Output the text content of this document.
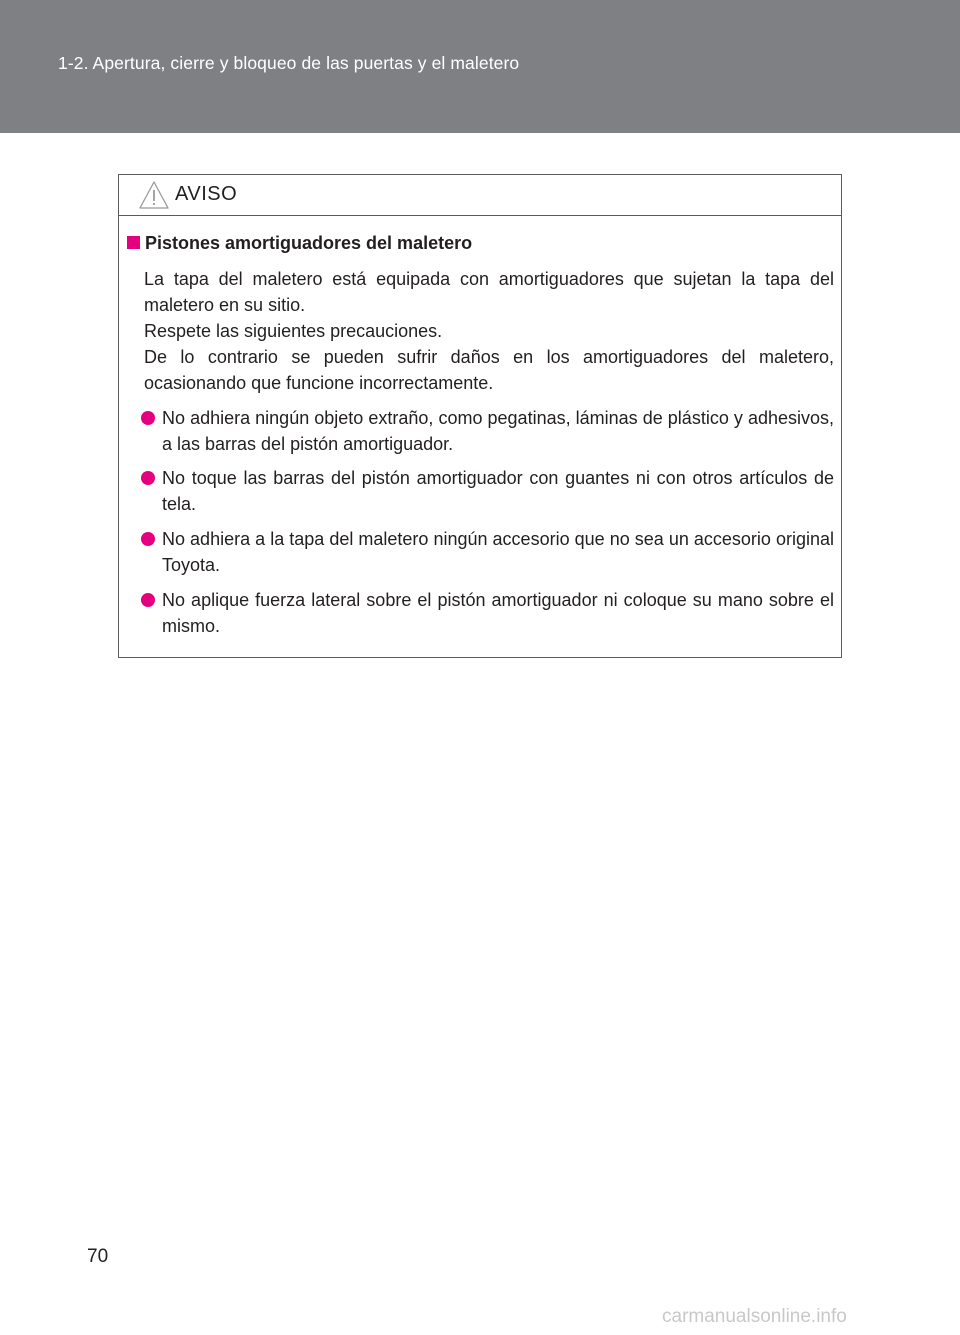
1-2. Apertura, cierre y bloqueo de las puertas y el maletero
AVISO
Pistones amortiguadores del maletero
La tapa del maletero está equipada con amortiguadores que sujetan la tapa del maletero en su sitio.
Respete las siguientes precauciones.
De lo contrario se pueden sufrir daños en los amortiguadores del maletero, ocasionando que funcione incorrectamente.
No adhiera ningún objeto extraño, como pegatinas, láminas de plástico y adhesivos, a las barras del pistón amortiguador.
No toque las barras del pistón amortiguador con guantes ni con otros artículos de tela.
No adhiera a la tapa del maletero ningún accesorio que no sea un accesorio original Toyota.
No aplique fuerza lateral sobre el pistón amortiguador ni coloque su mano sobre el mismo.
70
carmanualsonline.info
